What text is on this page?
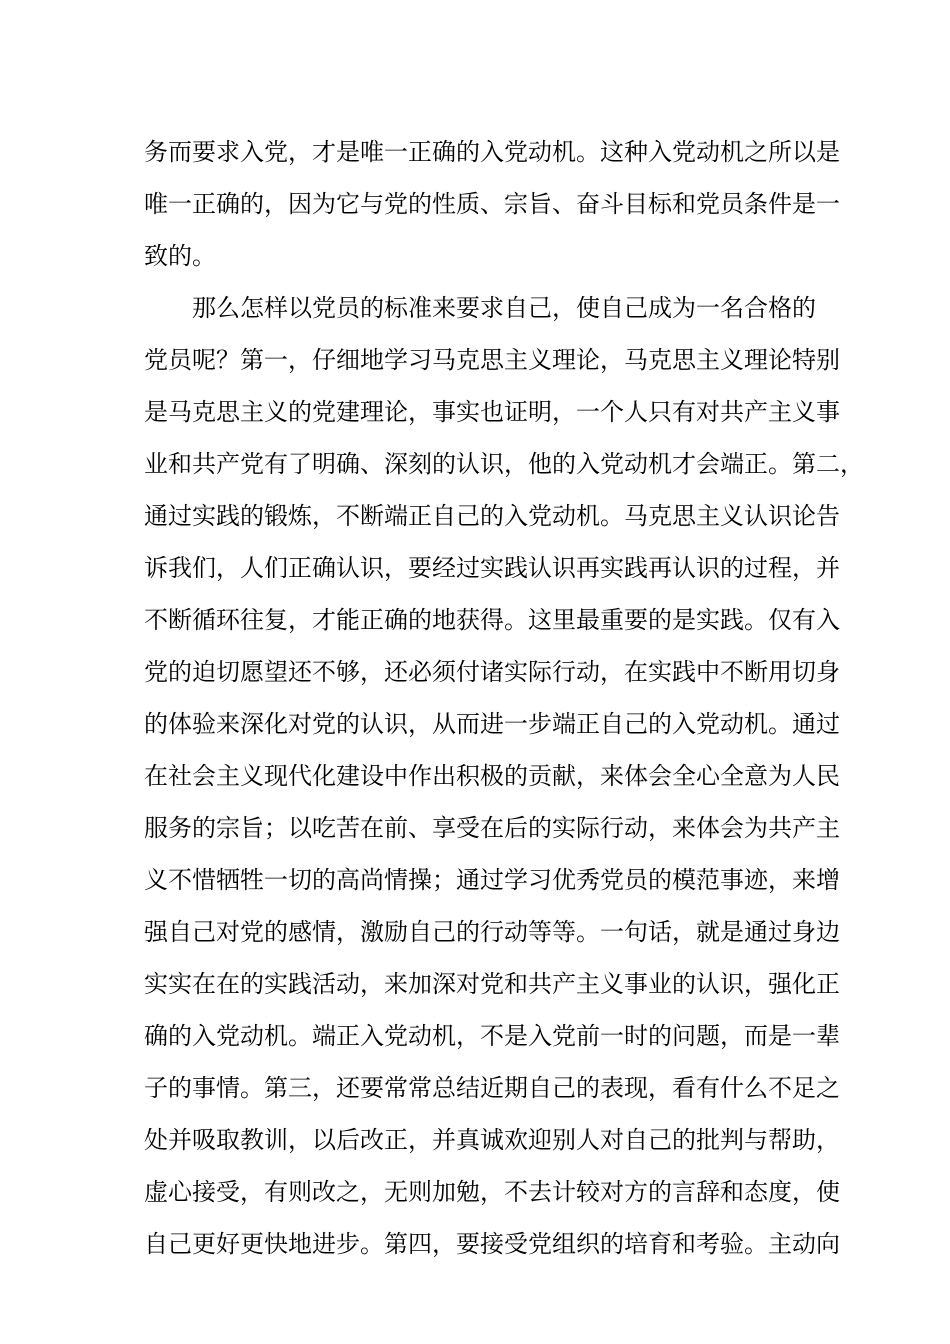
务而要求入党，才是唯一正确的入党动机。这种入党动机之所以是
唯一正确的，因为它与党的性质、宗旨、奋斗目标和党员条件是一
致的。
　　那么怎样以党员的标准来要求自己，使自己成为一名合格的
党员呢？第一，仔细地学习马克思主义理论，马克思主义理论特别
是马克思主义的党建理论，事实也证明，一个人只有对共产主义事
业和共产党有了明确、深刻的认识，他的入党动机才会端正。第二，
通过实践的锻炼，不断端正自己的入党动机。马克思主义认识论告
诉我们，人们正确认识，要经过实践认识再实践再认识的过程，并
不断循环往复，才能正确的地获得。这里最重要的是实践。仅有入
党的迫切愿望还不够，还必须付诸实际行动，在实践中不断用切身
的体验来深化对党的认识，从而进一步端正自己的入党动机。通过
在社会主义现代化建设中作出积极的贡献，来体会全心全意为人民
服务的宗旨；以吃苦在前、享受在后的实际行动，来体会为共产主
义不惜牺牲一切的高尚情操；通过学习优秀党员的模范事迹，来增
强自己对党的感情，激励自己的行动等等。一句话，就是通过身边
实实在在的实践活动，来加深对党和共产主义事业的认识，强化正
确的入党动机。端正入党动机，不是入党前一时的问题，而是一辈
子的事情。第三，还要常常总结近期自己的表现，看有什么不足之
处并吸取教训，以后改正，并真诚欢迎别人对自己的批判与帮助，
虚心接受，有则改之，无则加勉，不去计较对方的言辞和态度，使
自己更好更快地进步。第四，要接受党组织的培育和考验。主动向
